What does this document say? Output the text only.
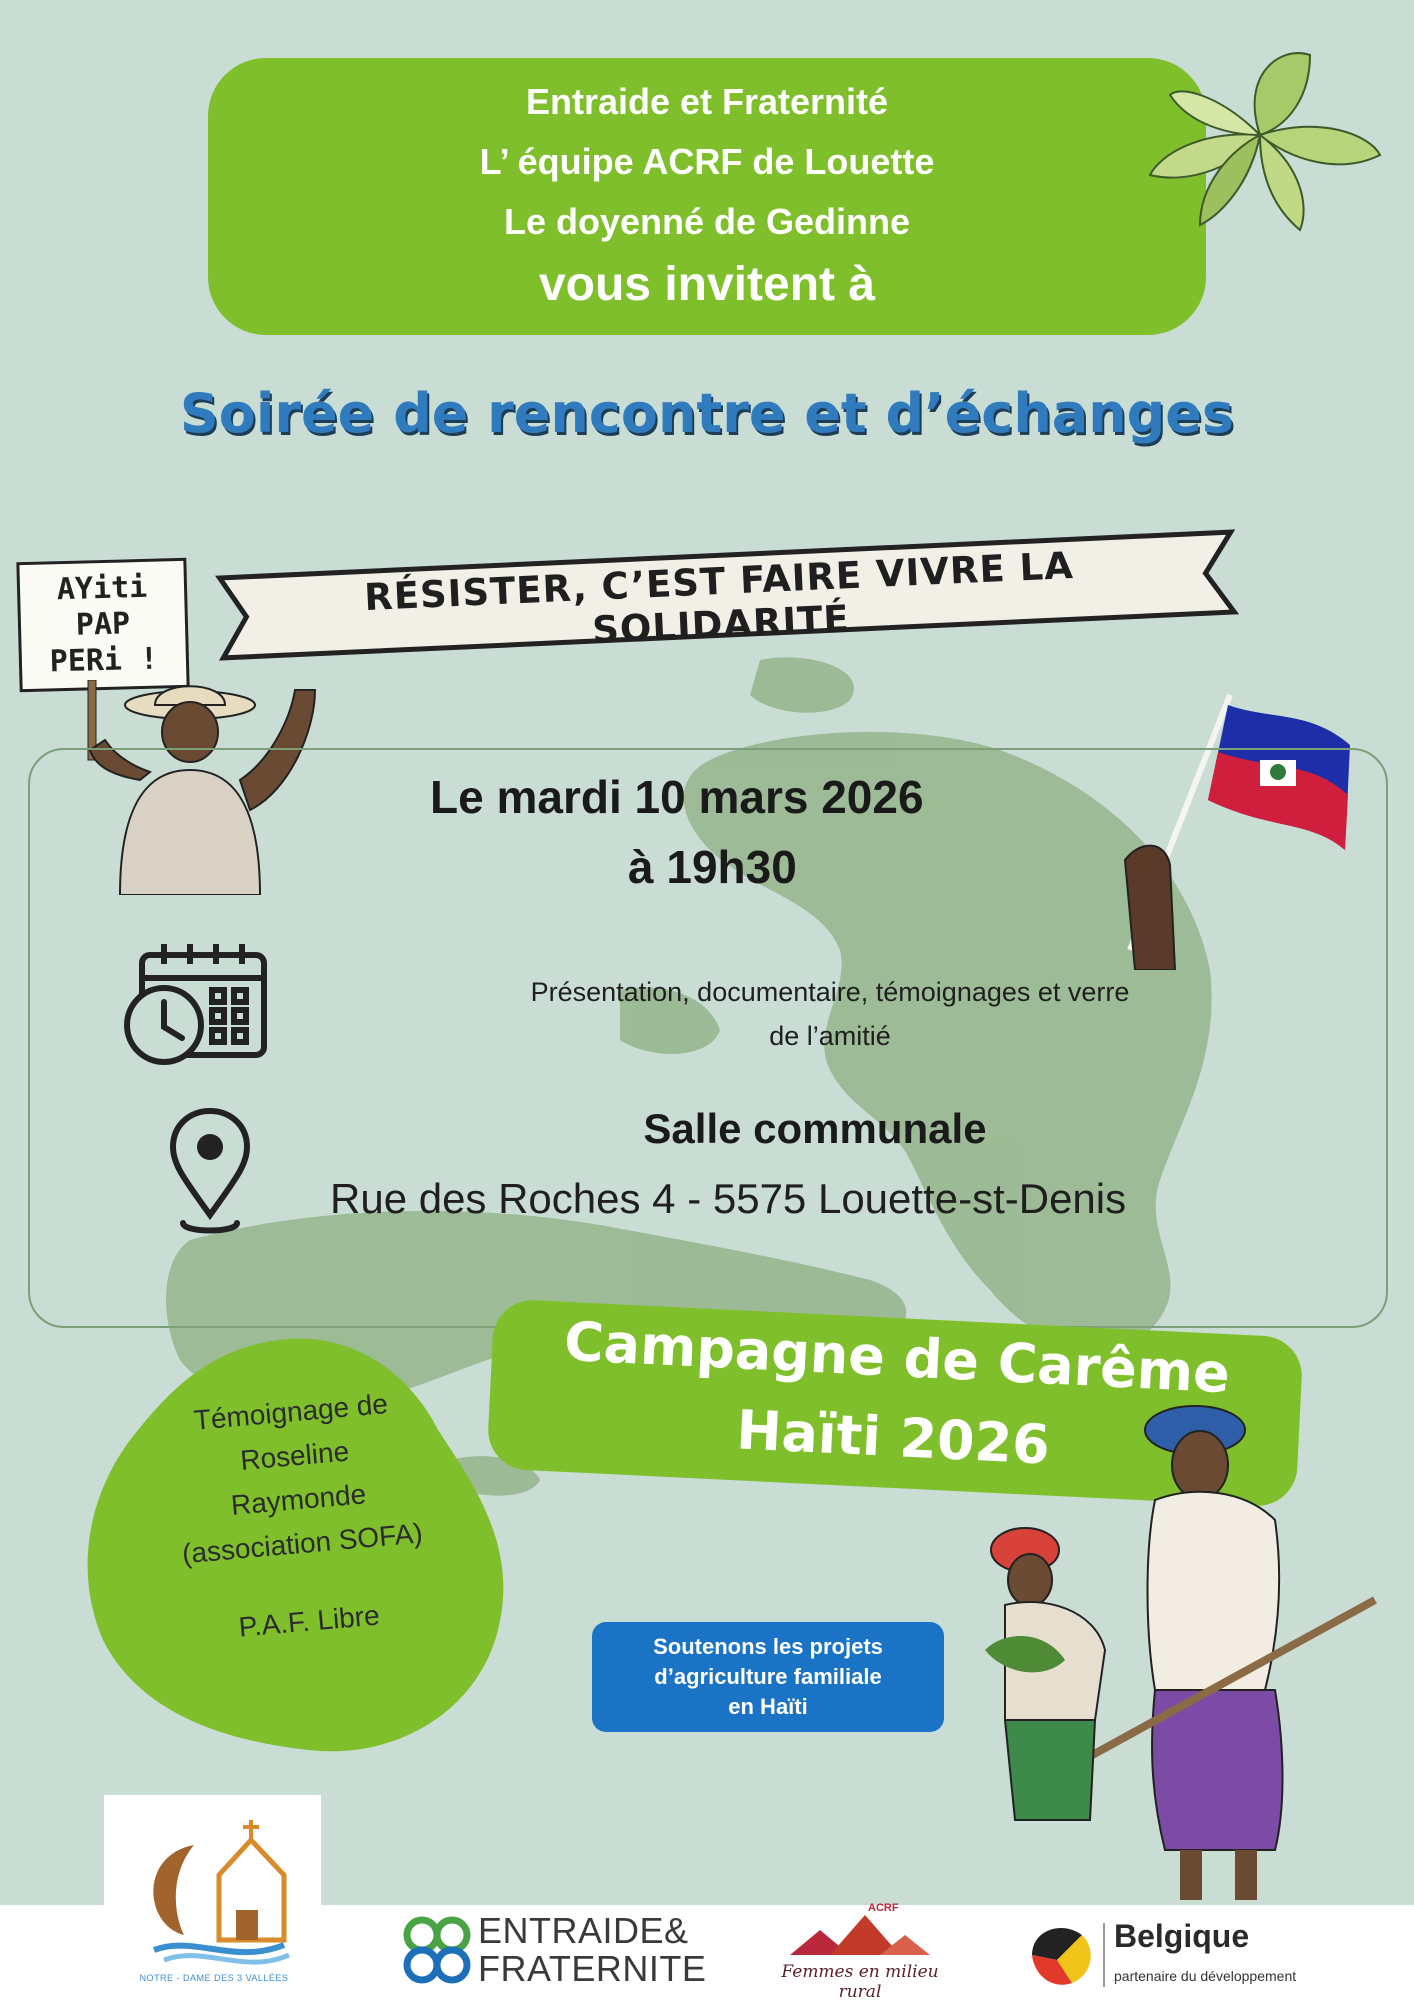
Entraide et Fraternité
L’ équipe ACRF de Louette
Le doyenné de Gedinne
vous invitent à
Soirée de rencontre et d’échanges
RÉSISTER, C’EST FAIRE VIVRE LA SOLIDARITÉ
AYiti
PAP
PERi !
Le mardi 10 mars 2026
à 19h30
Présentation, documentaire, témoignages et verre
de l’amitié
Salle communale
Rue des Roches 4 - 5575 Louette-st-Denis
Campagne de Carême
Haïti 2026
Témoignage de
Roseline
Raymonde
(association SOFA)
P.A.F. Libre
Soutenons les projets
d’agriculture familiale
en Haïti
NOTRE - DAME DES 3 VALLÉES
ENTRAIDE&
FRATERNITE
ACRF
Femmes en milieu rural
Belgique
partenaire du développement
